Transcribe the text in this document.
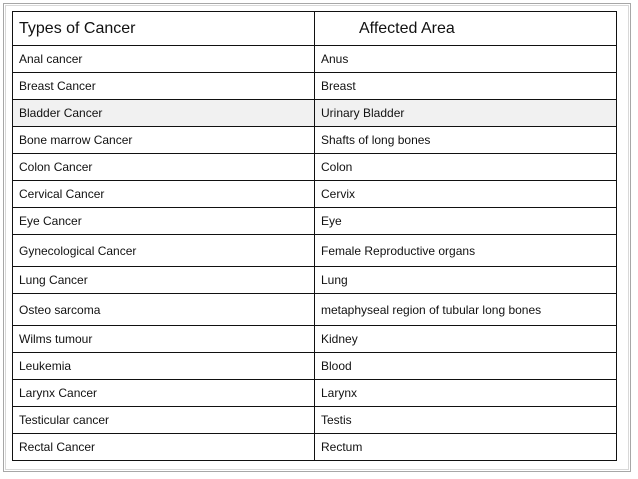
Types of Cancer	Affected Area
Anal cancer	Anus
Breast Cancer	Breast
Bladder Cancer	Urinary Bladder
Bone marrow Cancer	Shafts of long bones
Colon Cancer	Colon
Cervical Cancer	Cervix
Eye Cancer	Eye
Gynecological Cancer	Female Reproductive organs
Lung Cancer	Lung
Osteo sarcoma	metaphyseal region of tubular long bones
Wilms tumour	Kidney
Leukemia	Blood
Larynx Cancer	Larynx
Testicular cancer	Testis
Rectal Cancer	Rectum
